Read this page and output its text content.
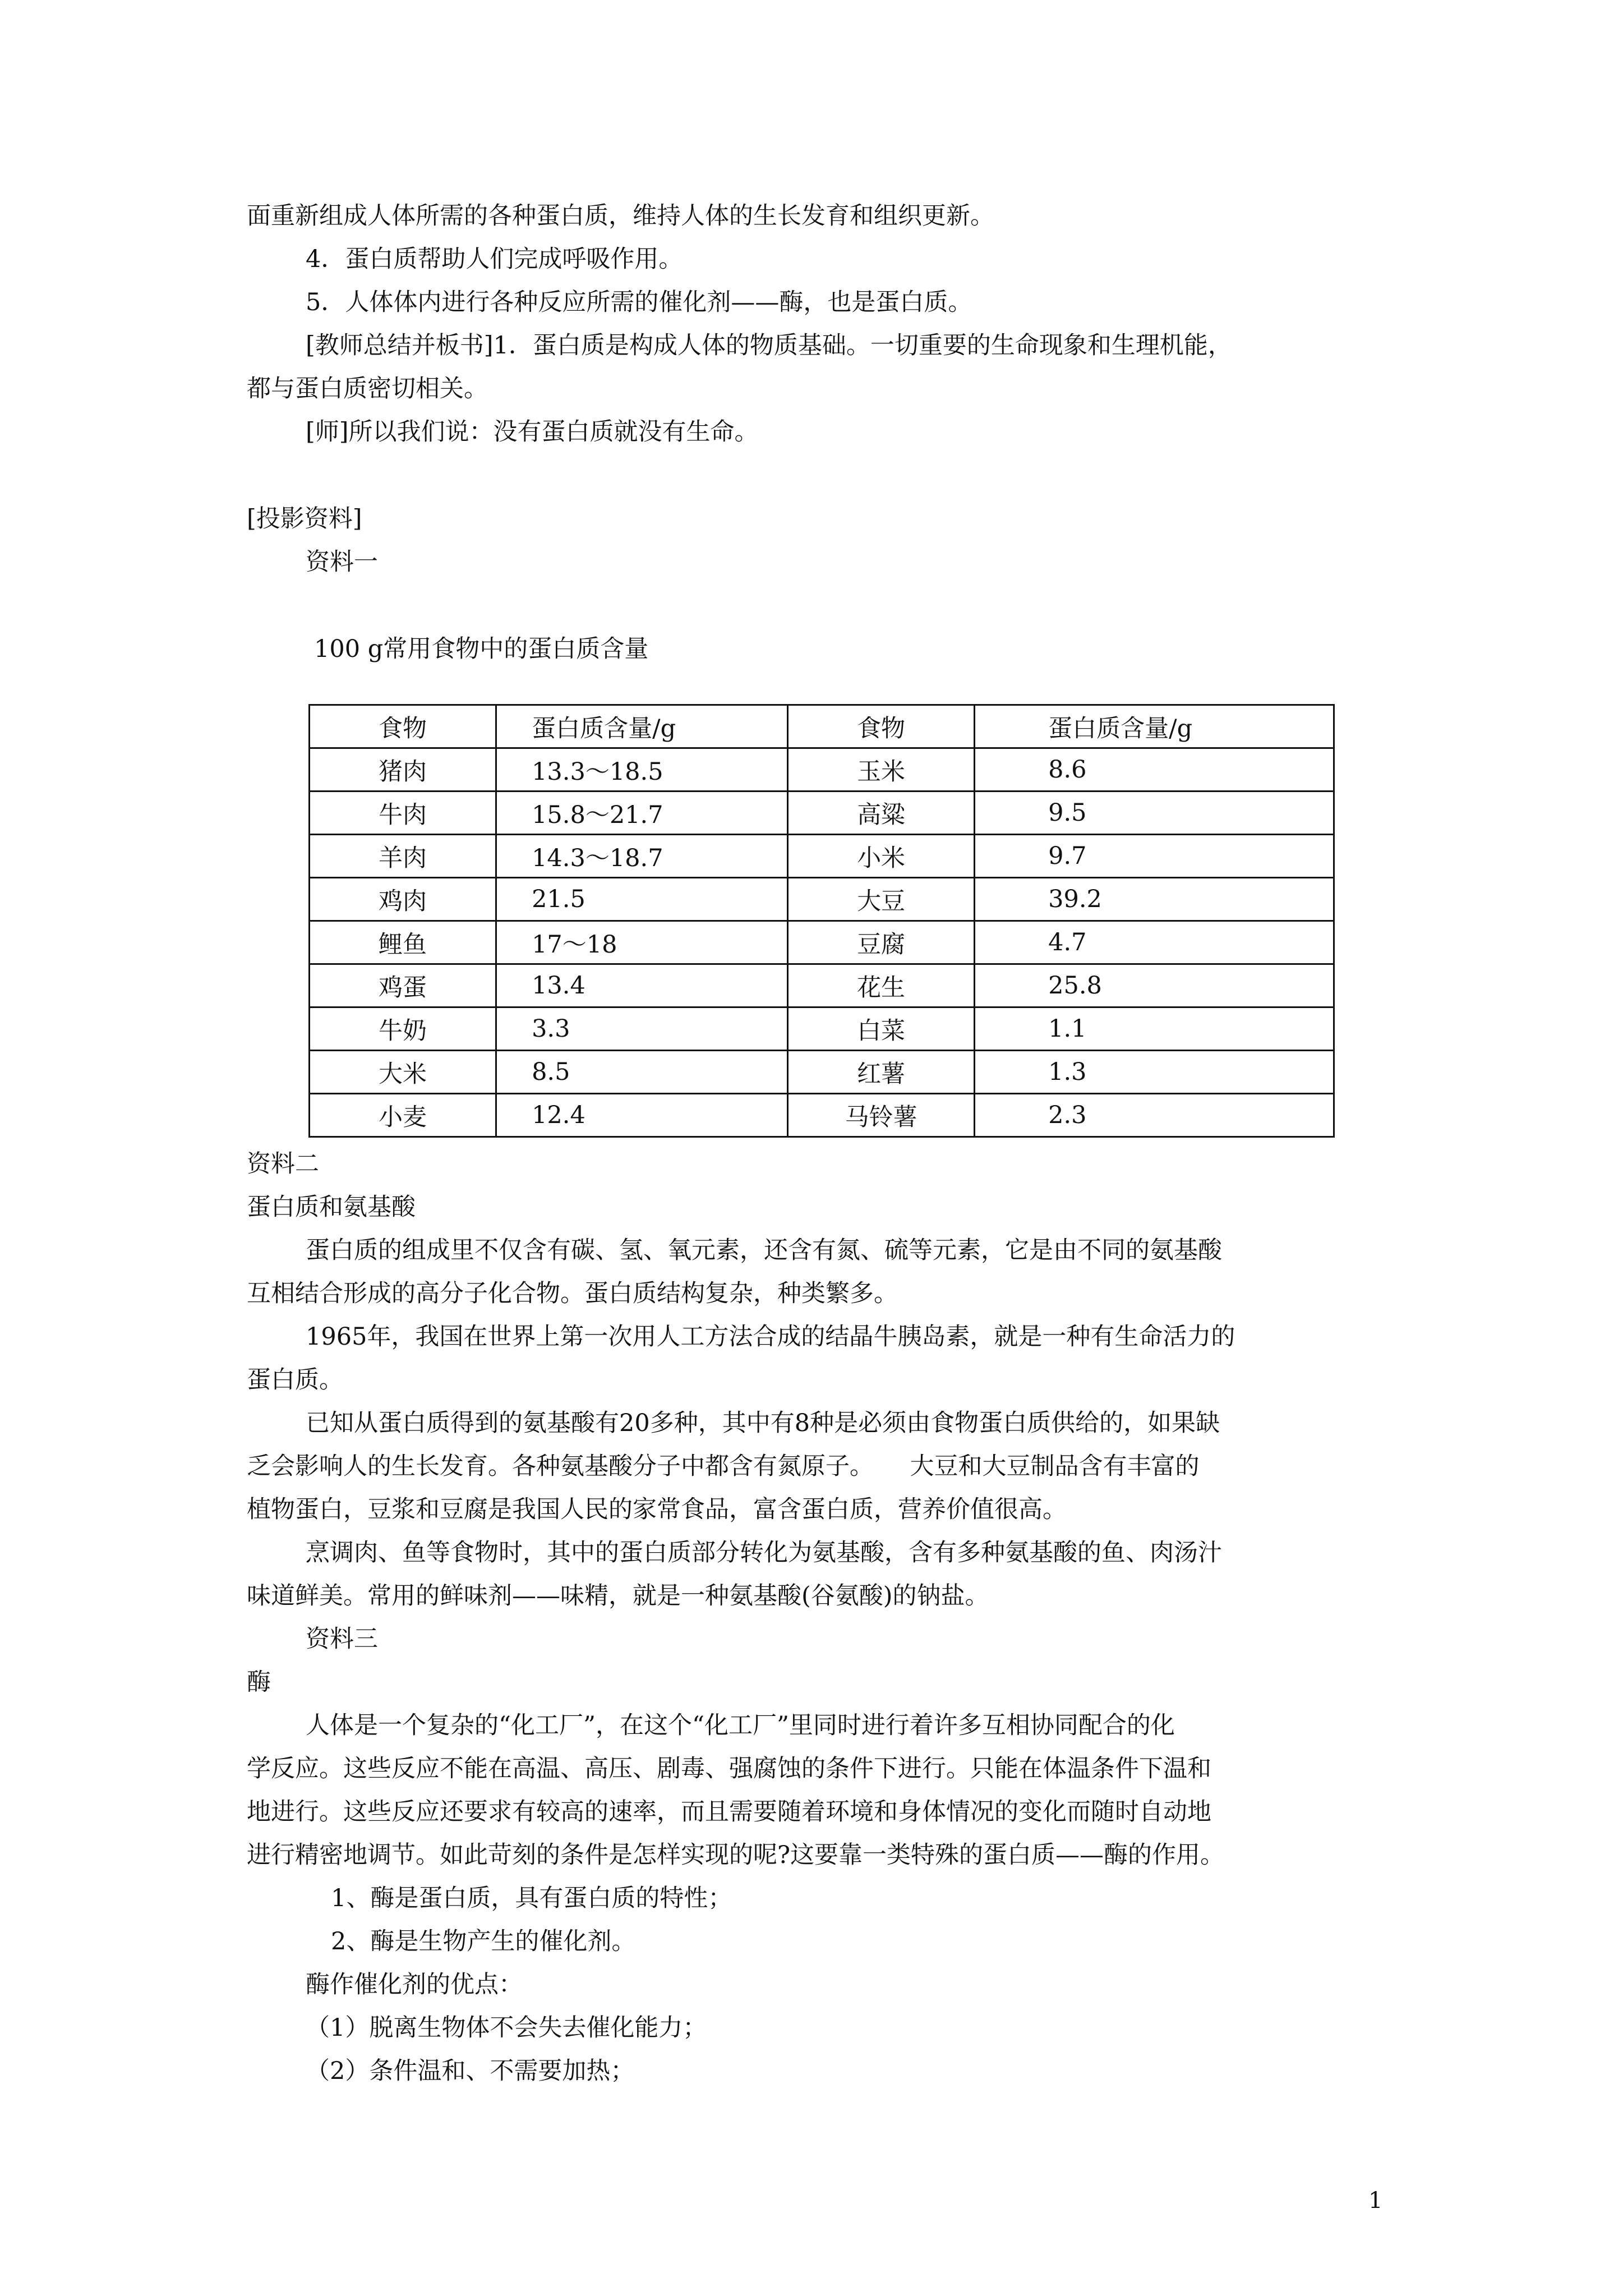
面重新组成人体所需的各种蛋白质，维持人体的生长发育和组织更新。
4．蛋白质帮助人们完成呼吸作用。
5．人体体内进行各种反应所需的催化剂——酶，也是蛋白质。
[教师总结并板书]1．蛋白质是构成人体的物质基础。一切重要的生命现象和生理机能，
都与蛋白质密切相关。
[师]所以我们说：没有蛋白质就没有生命。
[投影资料]
资料一
100 g常用食物中的蛋白质含量
食物	蛋白质含量/g	食物	蛋白质含量/g
猪肉	13.3～18.5	玉米	8.6
牛肉	15.8～21.7	高粱	9.5
羊肉	14.3～18.7	小米	9.7
鸡肉	21.5	大豆	39.2
鲤鱼	17～18	豆腐	4.7
鸡蛋	13.4	花生	25.8
牛奶	3.3	白菜	1.1
大米	8.5	红薯	1.3
小麦	12.4	马铃薯	2.3
资料二
蛋白质和氨基酸
蛋白质的组成里不仅含有碳、氢、氧元素，还含有氮、硫等元素，它是由不同的氨基酸
互相结合形成的高分子化合物。蛋白质结构复杂，种类繁多。
1965年，我国在世界上第一次用人工方法合成的结晶牛胰岛素，就是一种有生命活力的
蛋白质。
已知从蛋白质得到的氨基酸有20多种，其中有8种是必须由食物蛋白质供给的，如果缺
乏会影响人的生长发育。各种氨基酸分子中都含有氮原子。　　大豆和大豆制品含有丰富的
植物蛋白，豆浆和豆腐是我国人民的家常食品，富含蛋白质，营养价值很高。
烹调肉、鱼等食物时，其中的蛋白质部分转化为氨基酸，含有多种氨基酸的鱼、肉汤汁
味道鲜美。常用的鲜味剂——味精，就是一种氨基酸(谷氨酸)的钠盐。
资料三
酶
人体是一个复杂的“化工厂”，在这个“化工厂”里同时进行着许多互相协同配合的化
学反应。这些反应不能在高温、高压、剧毒、强腐蚀的条件下进行。只能在体温条件下温和
地进行。这些反应还要求有较高的速率，而且需要随着环境和身体情况的变化而随时自动地
进行精密地调节。如此苛刻的条件是怎样实现的呢?这要靠一类特殊的蛋白质——酶的作用。
1、酶是蛋白质，具有蛋白质的特性；
2、酶是生物产生的催化剂。
酶作催化剂的优点：
（1）脱离生物体不会失去催化能力；
（2）条件温和、不需要加热；
1
